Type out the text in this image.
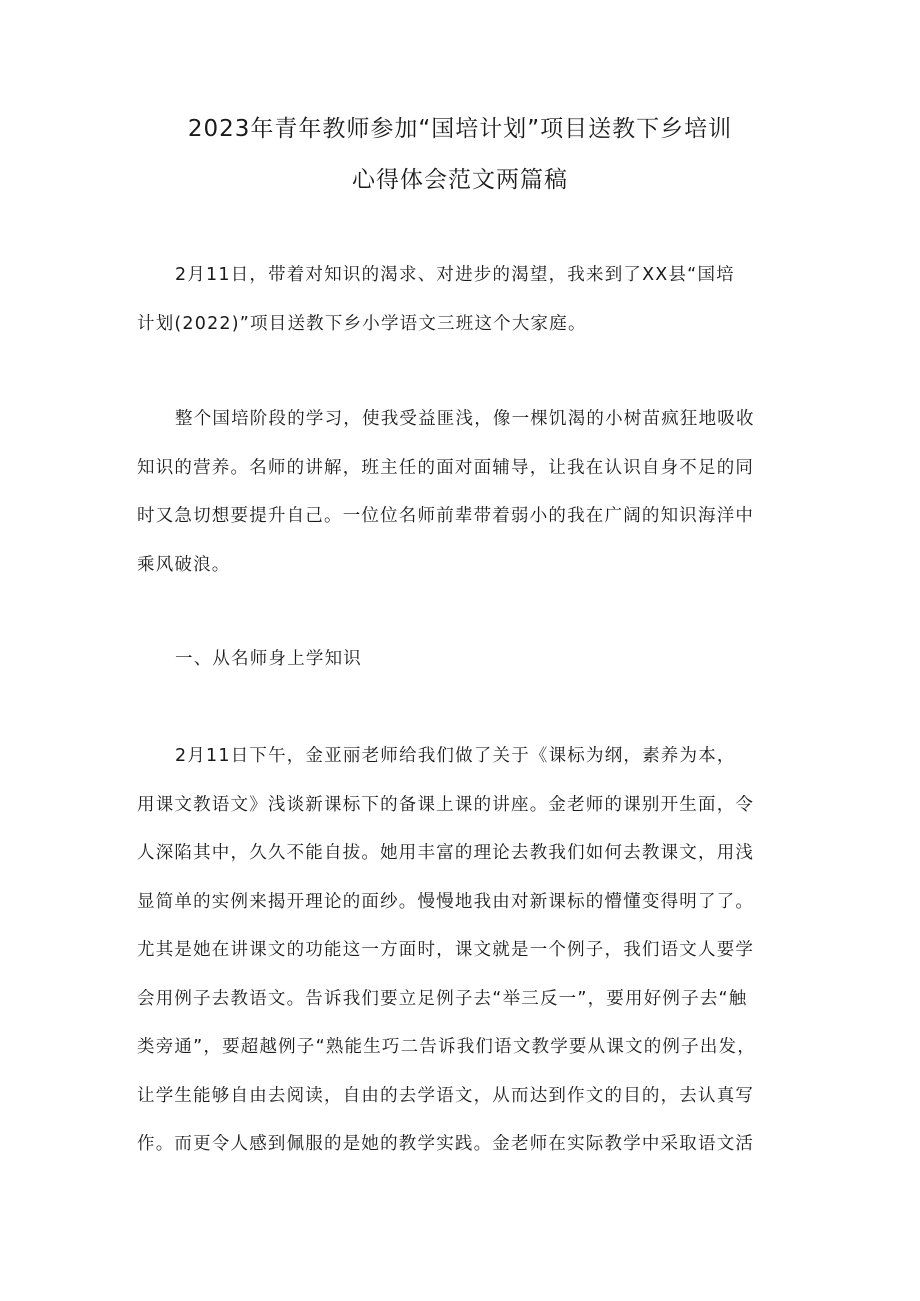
2023年青年教师参加“国培计划”项目送教下乡培训
心得体会范文两篇稿

2月11日，带着对知识的渴求、对进步的渴望，我来到了XX县“国培
计划(2022)”项目送教下乡小学语文三班这个大家庭。

整个国培阶段的学习，使我受益匪浅，像一棵饥渴的小树苗疯狂地吸收
知识的营养。名师的讲解，班主任的面对面辅导，让我在认识自身不足的同
时又急切想要提升自己。一位位名师前辈带着弱小的我在广阔的知识海洋中
乘风破浪。

一、从名师身上学知识

2月11日下午，金亚丽老师给我们做了关于《课标为纲，素养为本，
用课文教语文》浅谈新课标下的备课上课的讲座。金老师的课别开生面，令
人深陷其中，久久不能自拔。她用丰富的理论去教我们如何去教课文，用浅
显简单的实例来揭开理论的面纱。慢慢地我由对新课标的懵懂变得明了了。
尤其是她在讲课文的功能这一方面时，课文就是一个例子，我们语文人要学
会用例子去教语文。告诉我们要立足例子去“举三反一”，要用好例子去“触
类旁通”，要超越例子“熟能生巧二告诉我们语文教学要从课文的例子出发，
让学生能够自由去阅读，自由的去学语文，从而达到作文的目的，去认真写
作。而更令人感到佩服的是她的教学实践。金老师在实际教学中采取语文活
